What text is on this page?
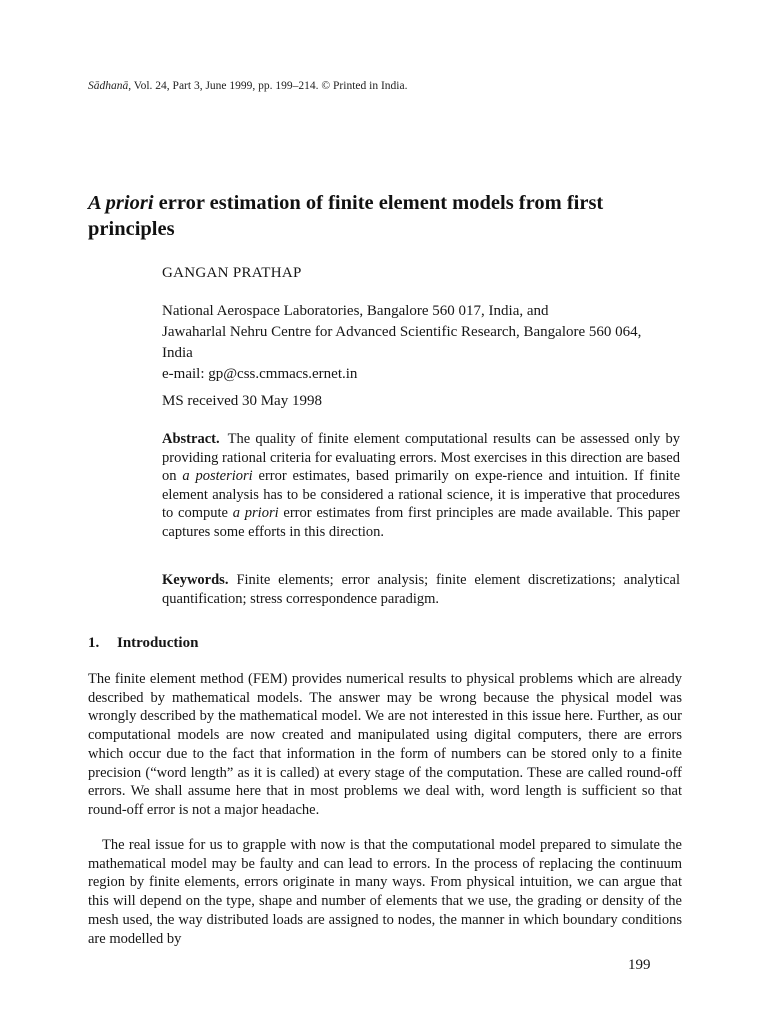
Sādhanā, Vol. 24, Part 3, June 1999, pp. 199–214. © Printed in India.
A priori error estimation of finite element models from first principles
GANGAN PRATHAP
National Aerospace Laboratories, Bangalore 560 017, India, and
Jawaharlal Nehru Centre for Advanced Scientific Research, Bangalore 560 064,
India
e-mail: gp@css.cmmacs.ernet.in
MS received 30 May 1998
Abstract. The quality of finite element computational results can be assessed only by providing rational criteria for evaluating errors. Most exercises in this direction are based on a posteriori error estimates, based primarily on expe-rience and intuition. If finite element analysis has to be considered a rational science, it is imperative that procedures to compute a priori error estimates from first principles are made available. This paper captures some efforts in this direction.
Keywords. Finite elements; error analysis; finite element discretizations; analytical quantification; stress correspondence paradigm.
1. Introduction
The finite element method (FEM) provides numerical results to physical problems which are already described by mathematical models. The answer may be wrong because the physical model was wrongly described by the mathematical model. We are not interested in this issue here. Further, as our computational models are now created and manipulated using digital computers, there are errors which occur due to the fact that information in the form of numbers can be stored only to a finite precision (“word length” as it is called) at every stage of the computation. These are called round-off errors. We shall assume here that in most problems we deal with, word length is sufficient so that round-off error is not a major headache.
The real issue for us to grapple with now is that the computational model prepared to simulate the mathematical model may be faulty and can lead to errors. In the process of replacing the continuum region by finite elements, errors originate in many ways. From physical intuition, we can argue that this will depend on the type, shape and number of elements that we use, the grading or density of the mesh used, the way distributed loads are assigned to nodes, the manner in which boundary conditions are modelled by
199
